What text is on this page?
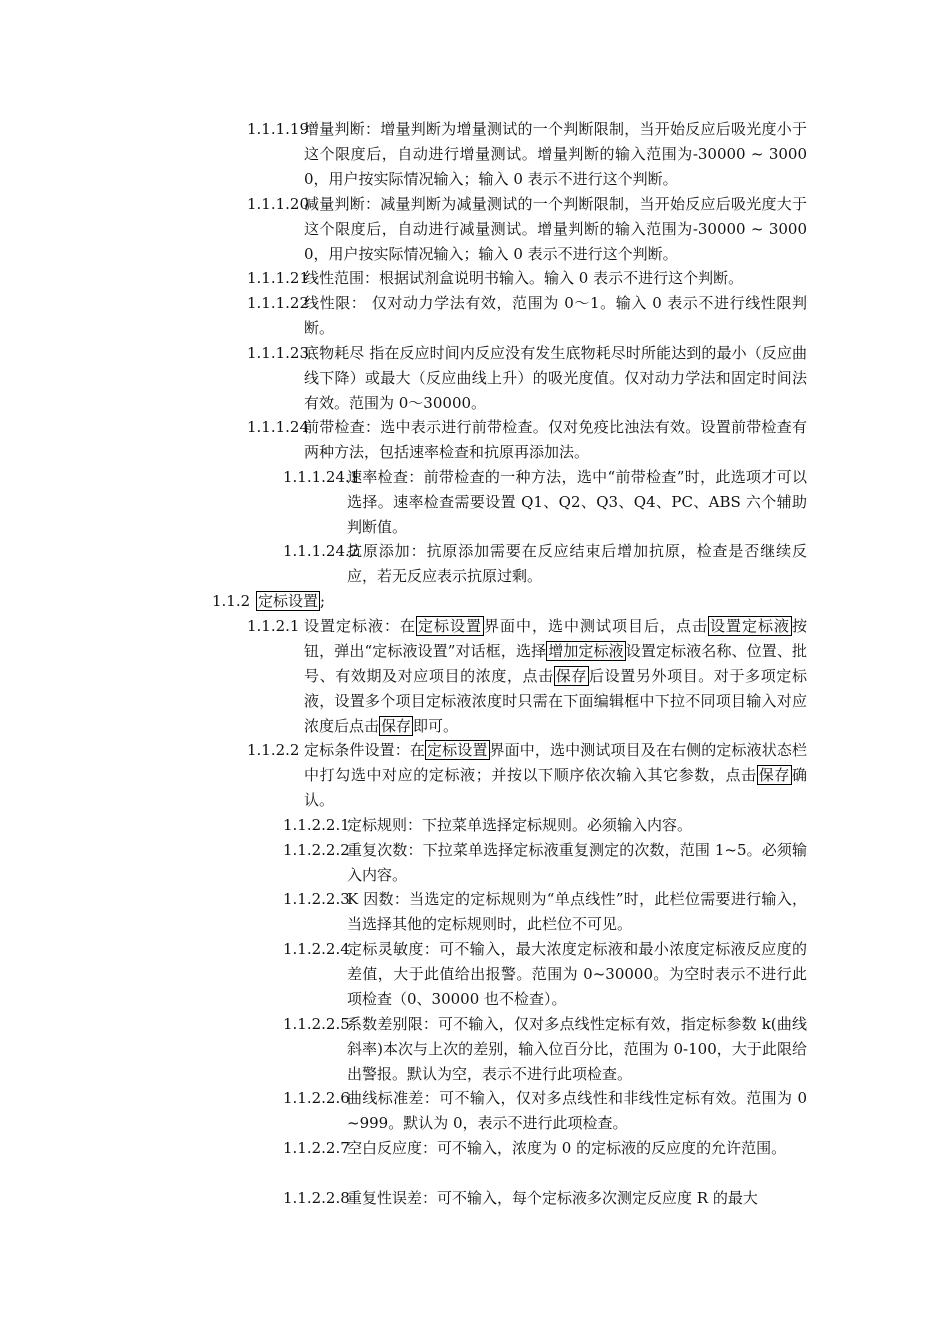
1.1.1.19
增量判断：增量判断为增量测试的一个判断限制，当开始反应后吸光度小于这个限度后，自动进行增量测试。增量判断的输入范围为-30000 ~ 30000，用户按实际情况输入；输入 0 表示不进行这个判断。
1.1.1.20
减量判断：减量判断为减量测试的一个判断限制，当开始反应后吸光度大于这个限度后，自动进行减量测试。增量判断的输入范围为-30000 ~ 30000，用户按实际情况输入；输入 0 表示不进行这个判断。
1.1.1.21
线性范围：根据试剂盒说明书输入。输入 0 表示不进行这个判断。
1.1.1.22
线性限： 仅对动力学法有效，范围为 0～1。输入 0 表示不进行线性限判断。
1.1.1.23
底物耗尽 指在反应时间内反应没有发生底物耗尽时所能达到的最小（反应曲线下降）或最大（反应曲线上升）的吸光度值。仅对动力学法和固定时间法有效。范围为 0～30000。
1.1.1.24
前带检查：选中表示进行前带检查。仅对免疫比浊法有效。设置前带检查有两种方法，包括速率检查和抗原再添加法。
1.1.1.24.1
速率检查：前带检查的一种方法，选中“前带检查”时，此选项才可以选择。速率检查需要设置 Q1、Q2、Q3、Q4、PC、ABS 六个辅助判断值。
1.1.1.24.2
抗原添加：抗原添加需要在反应结束后增加抗原，检查是否继续反应，若无反应表示抗原过剩。
1.1.2 定标设置 ;
1.1.2.1 设置定标液：在 定标设置 界面中，选中测试项目后，点击 设置定标液 按钮，弹出“定标液设置”对话框，选择 增加定标液 设置定标液名称、位置、批号、有效期及对应项目的浓度，点击 保存 后设置另外项目。对于多项定标液，设置多个项目定标液浓度时只需在下面编辑框中下拉不同项目输入对应浓度后点击 保存 即可。
1.1.2.2 定标条件设置：在 定标设置 界面中，选中测试项目及在右侧的定标液状态栏中打勾选中对应的定标液；并按以下顺序依次输入其它参数，点击 保存 确认。
1.1.2.2.1
定标规则：下拉菜单选择定标规则。必须输入内容。
1.1.2.2.2
重复次数：下拉菜单选择定标液重复测定的次数，范围 1~5。必须输入内容。
1.1.2.2.3
K 因数：当选定的定标规则为“单点线性”时，此栏位需要进行输入，当选择其他的定标规则时，此栏位不可见。
1.1.2.2.4
定标灵敏度：可不输入，最大浓度定标液和最小浓度定标液反应度的差值，大于此值给出报警。范围为 0~30000。为空时表示不进行此项检查（0、30000 也不检查）。
1.1.2.2.5
系数差别限：可不输入，仅对多点线性定标有效，指定标参数 k(曲线斜率)本次与上次的差别，输入位百分比，范围为 0-100，大于此限给出警报。默认为空，表示不进行此项检查。
1.1.2.2.6
曲线标准差：可不输入，仅对多点线性和非线性定标有效。范围为 0~999。默认为 0，表示不进行此项检查。
1.1.2.2.7
空白反应度：可不输入，浓度为 0 的定标液的反应度的允许范围。
1.1.2.2.8
重复性误差：可不输入，每个定标液多次测定反应度 R 的最大
